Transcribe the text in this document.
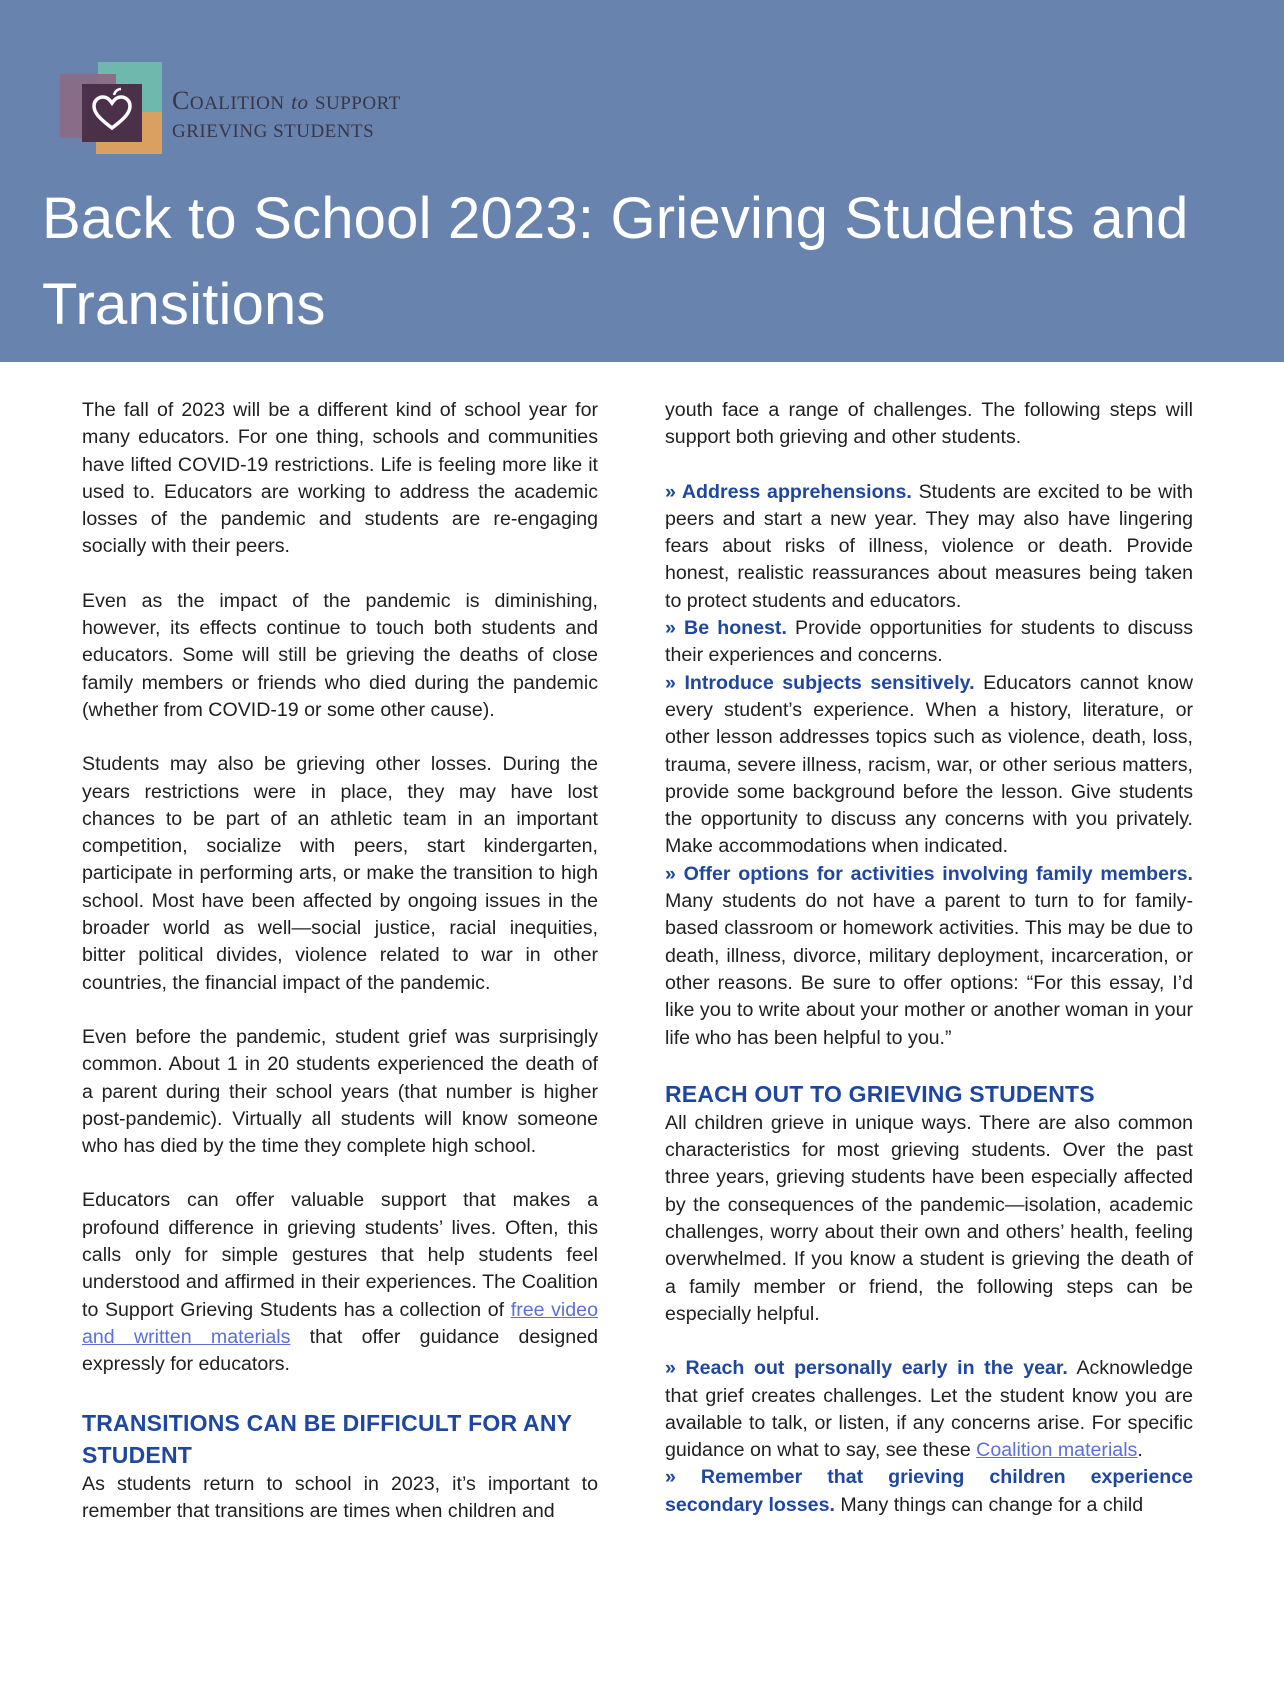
COALITION to SUPPORT
GRIEVING STUDENTS
Back to School 2023: Grieving Students and Transitions

The fall of 2023 will be a different kind of school year for many educators. For one thing, schools and communities have lifted COVID-19 restrictions. Life is feeling more like it used to. Educators are working to address the academic losses of the pandemic and students are re-engaging socially with their peers.

Even as the impact of the pandemic is diminishing, however, its effects continue to touch both students and educators. Some will still be grieving the deaths of close family members or friends who died during the pandemic (whether from COVID-19 or some other cause).

Students may also be grieving other losses. During the years restrictions were in place, they may have lost chances to be part of an athletic team in an important competition, socialize with peers, start kindergarten, participate in performing arts, or make the transition to high school. Most have been affected by ongoing issues in the broader world as well—social justice, racial inequities, bitter political divides, violence related to war in other countries, the financial impact of the pandemic.

Even before the pandemic, student grief was surprisingly common. About 1 in 20 students experienced the death of a parent during their school years (that number is higher post-pandemic). Virtually all students will know someone who has died by the time they complete high school.

Educators can offer valuable support that makes a profound difference in grieving students’ lives. Often, this calls only for simple gestures that help students feel understood and affirmed in their experiences. The Coalition to Support Grieving Students has a collection of free video and written materials that offer guidance designed expressly for educators.

TRANSITIONS CAN BE DIFFICULT FOR ANY STUDENT

As students return to school in 2023, it’s important to remember that transitions are times when children and

youth face a range of challenges. The following steps will support both grieving and other students.

» Address apprehensions. Students are excited to be with peers and start a new year. They may also have lingering fears about risks of illness, violence or death. Provide honest, realistic reassurances about measures being taken to protect students and educators.

» Be honest. Provide opportunities for students to discuss their experiences and concerns.

» Introduce subjects sensitively. Educators cannot know every student’s experience. When a history, literature, or other lesson addresses topics such as violence, death, loss, trauma, severe illness, racism, war, or other serious matters, provide some background before the lesson. Give students the opportunity to discuss any concerns with you privately. Make accommodations when indicated.

» Offer options for activities involving family members. Many students do not have a parent to turn to for family-based classroom or homework activities. This may be due to death, illness, divorce, military deployment, incarceration, or other reasons. Be sure to offer options: “For this essay, I’d like you to write about your mother or another woman in your life who has been helpful to you.”

REACH OUT TO GRIEVING STUDENTS

All children grieve in unique ways. There are also common characteristics for most grieving students. Over the past three years, grieving students have been especially affected by the consequences of the pandemic—isolation, academic challenges, worry about their own and others’ health, feeling overwhelmed. If you know a student is grieving the death of a family member or friend, the following steps can be especially helpful.

» Reach out personally early in the year. Acknowledge that grief creates challenges. Let the student know you are available to talk, or listen, if any concerns arise. For specific guidance on what to say, see these Coalition materials.

» Remember that grieving children experience secondary losses. Many things can change for a child
